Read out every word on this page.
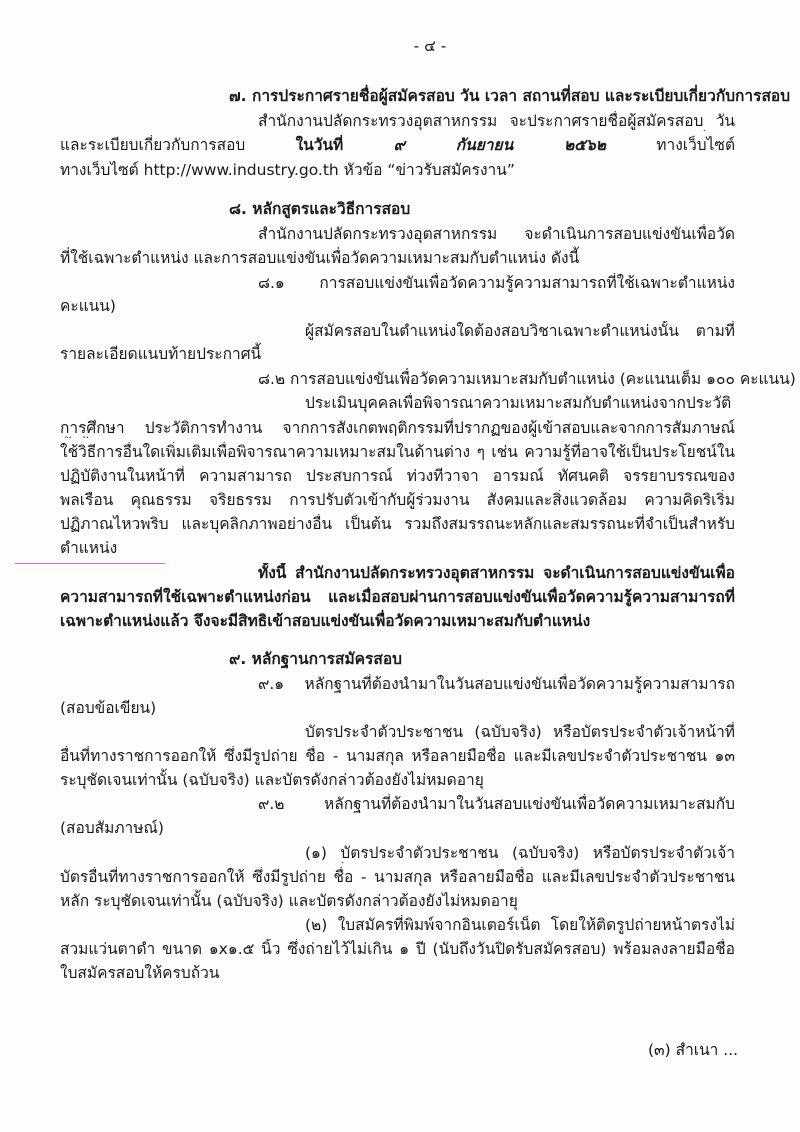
- ๔ -
๗. การประกาศรายชื่อผู้สมัครสอบ วัน เวลา สถานที่สอบ และระเบียบเกี่ยวกับการสอบ
สำนักงานปลัดกระทรวงอุตสาหกรรม จะประกาศรายชื่อผู้สมัครสอบ วัน
และระเบียบเกี่ยวกับการสอบ	ในวันที่	๙ กันยายน ๒๕๖๒	ทางเว็บไซต์
ทางเว็บไซต์ http://www.industry.go.th หัวข้อ “ข่าวรับสมัครงาน”
๘. หลักสูตรและวิธีการสอบ
สำนักงานปลัดกระทรวงอุตสาหกรรม จะดำเนินการสอบแข่งขันเพื่อวัด
ที่ใช้เฉพาะตำแหน่ง และการสอบแข่งขันเพื่อวัดความเหมาะสมกับตำแหน่ง ดังนี้
๘.๑ การสอบแข่งขันเพื่อวัดความรู้ความสามารถที่ใช้เฉพาะตำแหน่ง
คะแนน)
ผู้สมัครสอบในตำแหน่งใดต้องสอบวิชาเฉพาะตำแหน่งนั้น ตามที่
รายละเอียดแนบท้ายประกาศนี้
๘.๒ การสอบแข่งขันเพื่อวัดความเหมาะสมกับตำแหน่ง (คะแนนเต็ม ๑๐๐ คะแนน)
ประเมินบุคคลเพื่อพิจารณาความเหมาะสมกับตำแหน่งจากประวัติ
การศึกษา ประวัติการทำงาน จากการสังเกตพฤติกรรมที่ปรากฏของผู้เข้าสอบและจากการสัมภาษณ์
ใช้วิธีการอื่นใดเพิ่มเติมเพื่อพิจารณาความเหมาะสมในด้านต่าง ๆ เช่น ความรู้ที่อาจใช้เป็นประโยชน์ใน
ปฏิบัติงานในหน้าที่ ความสามารถ ประสบการณ์ ท่วงทีวาจา อารมณ์ ทัศนคติ จรรยาบรรณของ
พลเรือน คุณธรรม จริยธรรม การปรับตัวเข้ากับผู้ร่วมงาน สังคมและสิ่งแวดล้อม ความคิดริเริ่ม
ปฏิภาณไหวพริบ และบุคลิกภาพอย่างอื่น เป็นต้น รวมถึงสมรรถนะหลักและสมรรถนะที่จำเป็นสำหรับ
ตำแหน่ง
ทั้งนี้ สำนักงานปลัดกระทรวงอุตสาหกรรม จะดำเนินการสอบแข่งขันเพื่อ
ความสามารถที่ใช้เฉพาะตำแหน่งก่อน และเมื่อสอบผ่านการสอบแข่งขันเพื่อวัดความรู้ความสามารถที่
เฉพาะตำแหน่งแล้ว จึงจะมีสิทธิเข้าสอบแข่งขันเพื่อวัดความเหมาะสมกับตำแหน่ง
๙. หลักฐานการสมัครสอบ
๙.๑ หลักฐานที่ต้องนำมาในวันสอบแข่งขันเพื่อวัดความรู้ความสามารถ
(สอบข้อเขียน)
บัตรประจำตัวประชาชน (ฉบับจริง) หรือบัตรประจำตัวเจ้าหน้าที่
อื่นที่ทางราชการออกให้ ซึ่งมีรูปถ่าย ชื่อ - นามสกุล หรือลายมือชื่อ และมีเลขประจำตัวประชาชน ๑๓
ระบุชัดเจนเท่านั้น (ฉบับจริง) และบัตรดังกล่าวต้องยังไม่หมดอายุ
๙.๒ หลักฐานที่ต้องนำมาในวันสอบแข่งขันเพื่อวัดความเหมาะสมกับ
(สอบสัมภาษณ์)
(๑) บัตรประจำตัวประชาชน (ฉบับจริง) หรือบัตรประจำตัวเจ้า
บัตรอื่นที่ทางราชการออกให้ ซึ่งมีรูปถ่าย ชื่อ - นามสกุล หรือลายมือชื่อ และมีเลขประจำตัวประชาชน
หลัก ระบุชัดเจนเท่านั้น (ฉบับจริง) และบัตรดังกล่าวต้องยังไม่หมดอายุ
(๒) ใบสมัครที่พิมพ์จากอินเตอร์เน็ต โดยให้ติดรูปถ่ายหน้าตรงไม่
สวมแว่นตาดำ ขนาด ๑x๑.๕ นิ้ว ซึ่งถ่ายไว้ไม่เกิน ๑ ปี (นับถึงวันปิดรับสมัครสอบ) พร้อมลงลายมือชื่อ
ใบสมัครสอบให้ครบถ้วน
(๓) สำเนา ...
